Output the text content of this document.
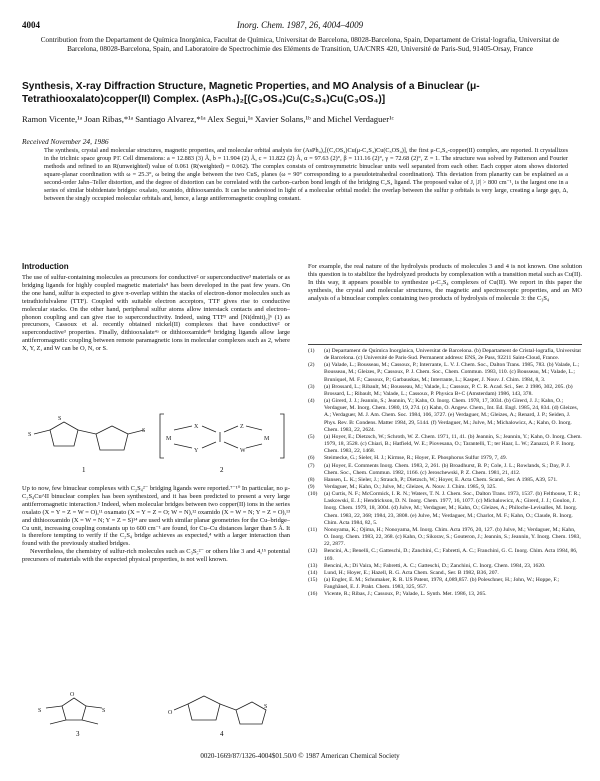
4004	Inorg. Chem. 1987, 26, 4004–4009
Contribution from the Departament de Química Inorgànica, Facultat de Química, Universitat de Barcelona, 08028-Barcelona, Spain, Departament de Cristal·lografia, Universitat de Barcelona, 08028-Barcelona, Spain, and Laboratoire de Spectrochimie des Eléments de Transition, UA/CNRS 420, Université de Paris-Sud, 91405-Orsay, France
Synthesis, X-ray Diffraction Structure, Magnetic Properties, and MO Analysis of a Binuclear (μ-Tetrathiooxalato)copper(II) Complex. (AsPh₄)₂[(C₃OS₄)Cu(C₂S₄)Cu(C₃OS₄)]
Ramon Vicente,¹ᵃ Joan Ribas,*¹ᵃ Santiago Alvarez,*¹ᵃ Alex Segui,¹ᵃ Xavier Solans,¹ᵇ and Michel Verdaguer¹ᶜ
Received November 24, 1986
The synthesis, crystal and molecular structures, magnetic properties, and molecular orbital analysis for (AsPh₄)₂[(C₃OS₄)Cu(μ-C₂S₄)Cu(C₃OS₄)], the first μ-C₂S₄-copper(II) complex, are reported. It crystallizes in the triclinic space group P1̄. Cell dimensions: a = 12.883 (3) Å, b = 11.904 (2) Å, c = 11.822 (2) Å, α = 97.63 (2)°, β = 111.16 (2)°, γ = 72.68 (2)°, Z = 1. The structure was solved by Patterson and Fourier methods and refined to an R(unweighted) value of 0.061 (R(weighted) = 0.062). The complex consists of centrosymmetric binuclear units well separated from each other. Each copper atom shows distorted square-planar coordination with ω = 25.3°, ω being the angle between the two CuS₂ planes (ω = 90° corresponding to a pseudotetrahedral coordination). This deviation from planarity can be explained as a second-order Jahn–Teller distortion, and the degree of distortion can be correlated with the carbon–carbon bond length of the bridging C₂S₄ ligand. The proposed value of J, |J| > 800 cm⁻¹, is the largest one in a series of similar bisbidentate bridges: oxalato, oxamido, dithiooxamido. It can be understood in light of a molecular orbital model: the overlap between the sulfur p orbitals is very large, creating a large gap, Δ, between the singly occupied molecular orbitals and, hence, a large antiferromagnetic coupling constant.
Introduction
The use of sulfur-containing molecules as precursors for conductive² or superconductive³ materials or as bridging ligands for highly coupled magnetic materials⁴ has been developed in the past few years. On the one hand, sulfur is expected to give π-overlap within the stacks of electron-donor molecules such as tetrathiofulvalene (TTF). Coupled with suitable electron acceptors, TTF gives rise to conductive molecular stacks. On the other hand, peripheral sulfur atoms allow interstack contacts and electron–phonon coupling and can give rise to superconductivity. Indeed, using TTF⁵ and [Ni(dmit)₂]⁶ (1) as precursors, Cassoux et al. recently obtained nickel(II) complexes that have conductive² or superconductive³ properties. Finally, dithiooxalate⁴ᵃ or dithiooxamide⁴ᵇ bridging ligands allow large antiferromagnetic coupling between remote paramagnetic ions in molecular complexes such as 2, where X, Y, Z, and W can be O, N, or S.
S
S
S
1
M
X
Y
Z
W
M
2
Up to now, few binuclear complexes with C₂S₄²⁻ bridging ligands were reported.⁷⁻¹⁰ In particular, no μ-C₂S₄Cu^II binuclear complex has been synthesized, and it has been predicted to present a very large antiferromagnetic interaction.¹ Indeed, when molecular bridges between two copper(II) ions in the series oxalato (X = Y = Z = W = O),¹¹ oxamato (X = Y = Z = O; W = N),¹² oxamido (X = W = N; Y = Z = O),¹³ and dithiooxamido (X = W = N; Y = Z = S)¹⁴ are used with similar planar geometries for the Cu–bridge–Cu unit, increasing coupling constants up to 600 cm⁻¹ are found, for Cu–Cu distances larger than 5 Å. It is therefore tempting to verify if the C₂S₄ bridge achieves as expected,⁴ with a larger interaction than found with the previously studied bridges.
Nevertheless, the chemistry of sulfur-rich molecules such as C₃S₅²⁻ or others like 3 and 4,¹⁵ potential precursors of materials with the expected physical properties, is not well known.
S	S
O
3
O
S
4
For example, the real nature of the hydrolysis products of molecules 3 and 4 is not known. One solution this question is to stabilize the hydrolyzed products by complexation with a transition metal such as Cu(II). In this way, it appears possible to synthesize μ-C₂S₄ complexes of Cu(II). We report in this paper the synthesis, the crystal and molecular structures, the magnetic and spectroscopic properties, and an MO analysis of a binuclear complex containing two products of hydrolysis of molecule 3: the C₃S₄
(1)	(a) Departament de Química Inorgànica, Universitat de Barcelona. (b) Departament de Cristal·lografia, Universitat de Barcelona. (c) Université de Paris-Sud. Permanent address: ENS, 2e Pass, 92211 Saint-Cloud, France.
(2)	(a) Valade, L.; Bousseau, M.; Cassoux, P.; Interrante, L. V. J. Chem. Soc., Dalton Trans. 1985, 783. (b) Valade, L.; Bousseau, M.; Gleizes, P.; Cassoux, P. J. Chem. Soc., Chem. Commun. 1983, 110. (c) Bousseau, M.; Valade, L.; Bruniquel, M. F.; Cassoux, P.; Garbauskas, M.; Interrante, L.; Kasper, J. Nouv. J. Chim. 1984, 8, 3.
(3)	(a) Brossard, L.; Ribault, M.; Bousseau, M.; Valade, L.; Cassoux, P. C. R. Acad. Sci., Ser. 2 1986, 302, 205. (b) Brossard, L.; Ribault, M.; Valade, L.; Cassoux, P. Physica B+C (Amsterdam) 1986, 143, 378.
(4)	(a) Girerd, J. J.; Jeannin, S.; Jeannin, Y.; Kahn, O. Inorg. Chem. 1978, 17, 3034. (b) Girerd, J. J.; Kahn, O.; Verdaguer, M. Inorg. Chem. 1980, 19, 274. (c) Kahn, O. Angew. Chem., Int. Ed. Engl. 1985, 24, 834. (d) Gleizes, A.; Verdaguer, M. J. Am. Chem. Soc. 1984, 106, 3727. (e) Verdaguer, M.; Gleizes, A.; Renard, J. P.; Seiden, J. Phys. Rev. B: Condens. Matter 1984, 29, 5144. (f) Verdaguer, M.; Julve, M.; Michalowicz, A.; Kahn, O. Inorg. Chem. 1983, 22, 2624.
(5)	(a) Hoyer, E.; Dietzsch, W.; Schroth, W. Z. Chem. 1971, 11, 41. (b) Jeannin, S.; Jeannin, Y.; Kahn, O. Inorg. Chem. 1979, 18, 3528. (c) Chiari, B.; Hatfield, W. E.; Piovesana, O.; Tarantelli, T.; ter Haar, L. W.; Zanazzi, P. F. Inorg. Chem. 1983, 22, 1468.
(6)	Steimecke, G.; Sieler, H. J.; Kirmse, R.; Hoyer, E. Phosphorus Sulfur 1979, 7, 49.
(7)	(a) Hoyer, E. Comments Inorg. Chem. 1983, 2, 261. (b) Broadhurst, B. P.; Cole, J. L.; Rowlands, S.; Day, P. J. Chem. Soc., Chem. Commun. 1982, 1166. (c) Jeroschewski, P. Z. Chem. 1981, 21, 412.
(8)	Hansen, L. K.; Sieler, J.; Strauch, P.; Dietzsch, W.; Hoyer, E. Acta Chem. Scand., Ser. A 1985, A39, 571.
(9)	Verdaguer, M.; Kahn, O.; Julve, M.; Gleizes, A. Nouv. J. Chim. 1985, 9, 325.
(10)	(a) Curtis, N. F.; McCormick, I. R. N.; Waters, T. N. J. Chem. Soc., Dalton Trans. 1973, 1537. (b) Felthouse, T. R.; Laskowski, E. J.; Hendrickson, D. N. Inorg. Chem. 1977, 16, 1077. (c) Michalowicz, A.; Girerd, J. J.; Goulon, J. Inorg. Chem. 1979, 18, 3004. (d) Julve, M.; Verdaguer, M.; Kahn, O.; Gleizes, A.; Philoche-Levisalles, M. Inorg. Chem. 1983, 22, 368; 1984, 23, 3808. (e) Julve, M.; Verdaguer, M.; Charlot, M. F.; Kahn, O.; Claude, R. Inorg. Chim. Acta 1984, 82, 5.
(11)	Nonoyama, K.; Ojima, H.; Nonoyama, M. Inorg. Chim. Acta 1976, 20, 127. (b) Julve, M.; Verdaguer, M.; Kahn, O. Inorg. Chem. 1983, 22, 368. (c) Kahn, O.; Sikorav, S.; Gouteron, J.; Jeannin, S.; Jeannin, Y. Inorg. Chem. 1983, 22, 2877.
(12)	Bencini, A.; Benelli, C.; Gatteschi, D.; Zanchini, C.; Fabretti, A. C.; Franchini, G. C. Inorg. Chim. Acta 1984, 86, 169.
(13)	Bencini, A.; Di Vaira, M.; Fabretti, A. C.; Gatteschi, D.; Zanchini, C. Inorg. Chem. 1984, 23, 1620.
(14)	Lund, H.; Hoyer, E.; Hazell, R. G. Acta Chem. Scand., Ser. B 1982, B36, 207.
(15)	(a) Engler, E. M.; Schumaker, R. R. US Patent, 1978, 4,089,857. (b) Poleschner, H.; John, W.; Hoppe, F.; Fanghänel, E. J. Prakt. Chem. 1983, 325, 957.
(16)	Vicente, R.; Ribas, J.; Cassoux, P.; Valade, L. Synth. Met. 1986, 13, 265.
0020-1669/87/1326-4004$01.50/0 © 1987 American Chemical Society
